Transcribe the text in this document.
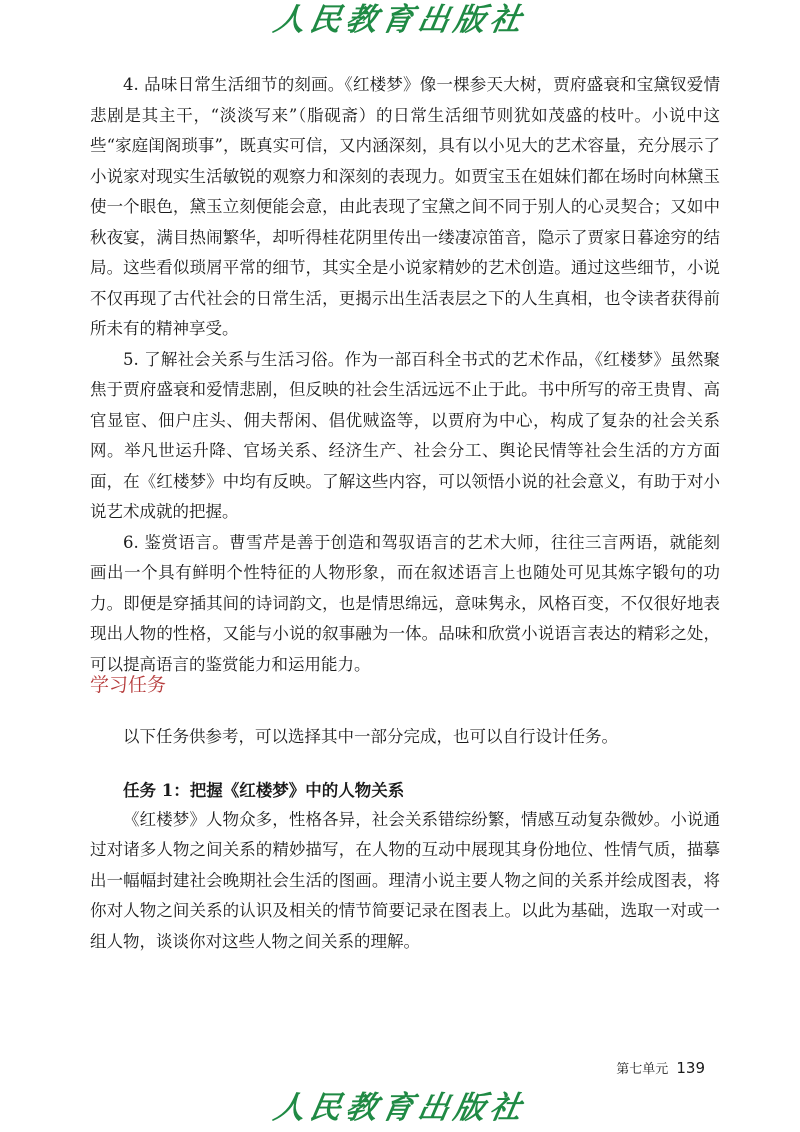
人民教育出版社

4. 品味日常生活细节的刻画。《红楼梦》像一棵参天大树，贾府盛衰和宝黛钗爱情悲剧是其主干，“淡淡写来”（脂砚斋）的日常生活细节则犹如茂盛的枝叶。小说中这些“家庭闺阁琐事”，既真实可信，又内涵深刻，具有以小见大的艺术容量，充分展示了小说家对现实生活敏锐的观察力和深刻的表现力。如贾宝玉在姐妹们都在场时向林黛玉使一个眼色，黛玉立刻便能会意，由此表现了宝黛之间不同于别人的心灵契合；又如中秋夜宴，满目热闹繁华，却听得桂花阴里传出一缕凄凉笛音，隐示了贾家日暮途穷的结局。这些看似琐屑平常的细节，其实全是小说家精妙的艺术创造。通过这些细节，小说不仅再现了古代社会的日常生活，更揭示出生活表层之下的人生真相，也令读者获得前所未有的精神享受。

5. 了解社会关系与生活习俗。作为一部百科全书式的艺术作品，《红楼梦》虽然聚焦于贾府盛衰和爱情悲剧，但反映的社会生活远远不止于此。书中所写的帝王贵胄、高官显宦、佃户庄头、佣夫帮闲、倡优贼盗等，以贾府为中心，构成了复杂的社会关系网。举凡世运升降、官场关系、经济生产、社会分工、舆论民情等社会生活的方方面面，在《红楼梦》中均有反映。了解这些内容，可以领悟小说的社会意义，有助于对小说艺术成就的把握。

6. 鉴赏语言。曹雪芹是善于创造和驾驭语言的艺术大师，往往三言两语，就能刻画出一个具有鲜明个性特征的人物形象，而在叙述语言上也随处可见其炼字锻句的功力。即便是穿插其间的诗词韵文，也是情思绵远，意味隽永，风格百变，不仅很好地表现出人物的性格，又能与小说的叙事融为一体。品味和欣赏小说语言表达的精彩之处，可以提高语言的鉴赏能力和运用能力。

学习任务

以下任务供参考，可以选择其中一部分完成，也可以自行设计任务。

任务 1：把握《红楼梦》中的人物关系

《红楼梦》人物众多，性格各异，社会关系错综纷繁，情感互动复杂微妙。小说通过对诸多人物之间关系的精妙描写，在人物的互动中展现其身份地位、性情气质，描摹出一幅幅封建社会晚期社会生活的图画。理清小说主要人物之间的关系并绘成图表，将你对人物之间关系的认识及相关的情节简要记录在图表上。以此为基础，选取一对或一组人物，谈谈你对这些人物之间关系的理解。

第七单元 139
人民教育出版社
